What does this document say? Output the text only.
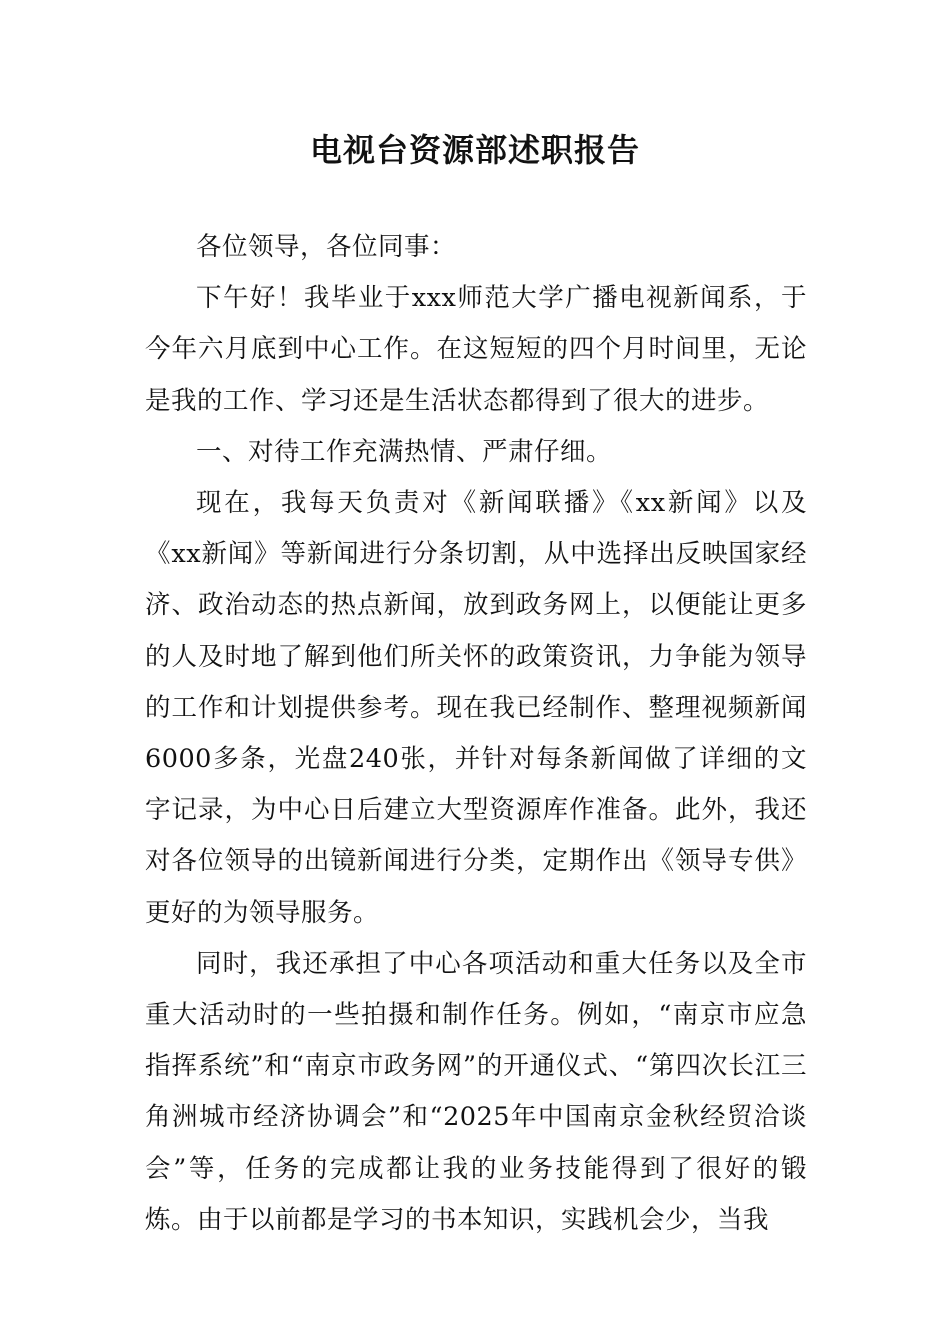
电视台资源部述职报告

各位领导，各位同事：

下午好！我毕业于xxx师范大学广播电视新闻系，于今年六月底到中心工作。在这短短的四个月时间里，无论是我的工作、学习还是生活状态都得到了很大的进步。

一、对待工作充满热情、严肃仔细。

现在，我每天负责对《新闻联播》《xx新闻》以及《xx新闻》等新闻进行分条切割，从中选择出反映国家经济、政治动态的热点新闻，放到政务网上，以便能让更多的人及时地了解到他们所关怀的政策资讯，力争能为领导的工作和计划提供参考。现在我已经制作、整理视频新闻6000多条，光盘240张，并针对每条新闻做了详细的文字记录，为中心日后建立大型资源库作准备。此外，我还对各位领导的出镜新闻进行分类，定期作出《领导专供》更好的为领导服务。

同时，我还承担了中心各项活动和重大任务以及全市重大活动时的一些拍摄和制作任务。例如，“南京市应急指挥系统”和“南京市政务网”的开通仪式、“第四次长江三角洲城市经济协调会”和“2025年中国南京金秋经贸洽谈会”等，任务的完成都让我的业务技能得到了很好的锻炼。由于以前都是学习的书本知识，实践机会少，当我
